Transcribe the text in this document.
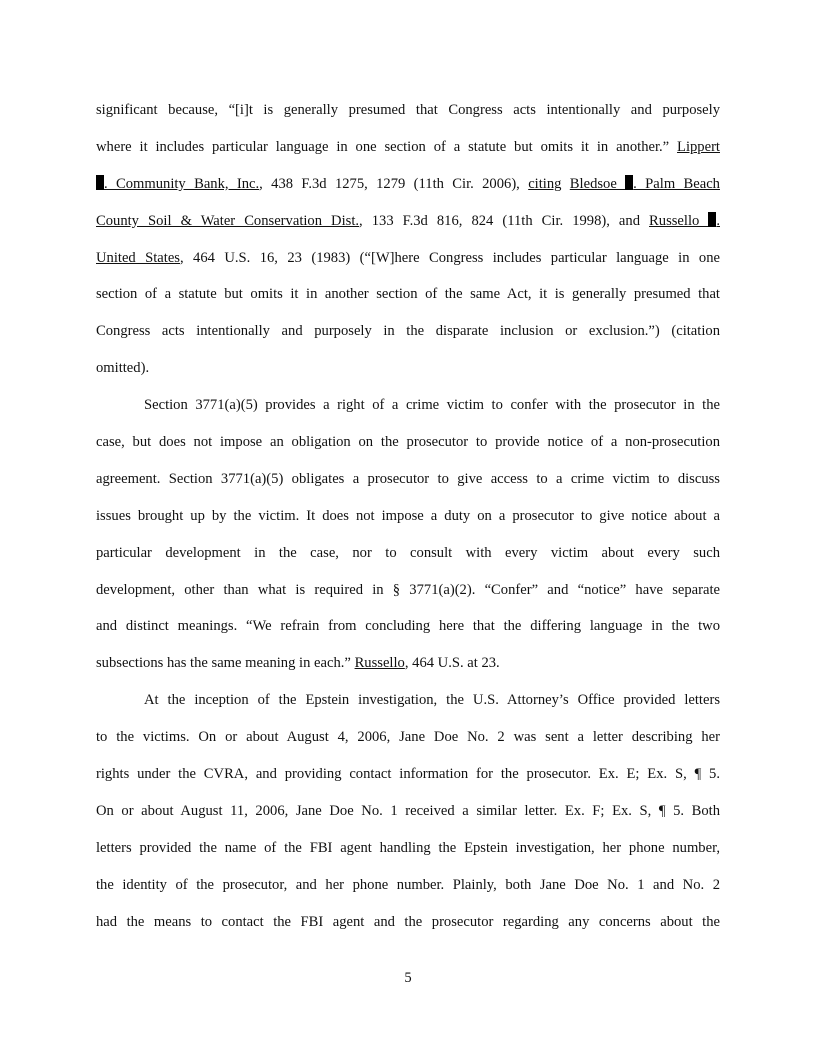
significant because, “[i]t is generally presumed that Congress acts intentionally and purposely
where it includes particular language in one section of a statute but omits it in another.” Lippert
. Community Bank, Inc., 438 F.3d 1275, 1279 (11th Cir. 2006), citing Bledsoe . Palm Beach
County Soil & Water Conservation Dist., 133 F.3d 816, 824 (11th Cir. 1998), and Russello .
United States, 464 U.S. 16, 23 (1983) (“[W]here Congress includes particular language in one
section of a statute but omits it in another section of the same Act, it is generally presumed that
Congress acts intentionally and purposely in the disparate inclusion or exclusion.”) (citation
omitted).
Section 3771(a)(5) provides a right of a crime victim to confer with the prosecutor in the
case, but does not impose an obligation on the prosecutor to provide notice of a non-prosecution
agreement. Section 3771(a)(5) obligates a prosecutor to give access to a crime victim to discuss
issues brought up by the victim. It does not impose a duty on a prosecutor to give notice about a
particular development in the case, nor to consult with every victim about every such
development, other than what is required in § 3771(a)(2). “Confer” and “notice” have separate
and distinct meanings. “We refrain from concluding here that the differing language in the two
subsections has the same meaning in each.” Russello, 464 U.S. at 23.
At the inception of the Epstein investigation, the U.S. Attorney’s Office provided letters
to the victims. On or about August 4, 2006, Jane Doe No. 2 was sent a letter describing her
rights under the CVRA, and providing contact information for the prosecutor. Ex. E; Ex. S, ¶ 5.
On or about August 11, 2006, Jane Doe No. 1 received a similar letter. Ex. F; Ex. S, ¶ 5. Both
letters provided the name of the FBI agent handling the Epstein investigation, her phone number,
the identity of the prosecutor, and her phone number. Plainly, both Jane Doe No. 1 and No. 2
had the means to contact the FBI agent and the prosecutor regarding any concerns about the
5
